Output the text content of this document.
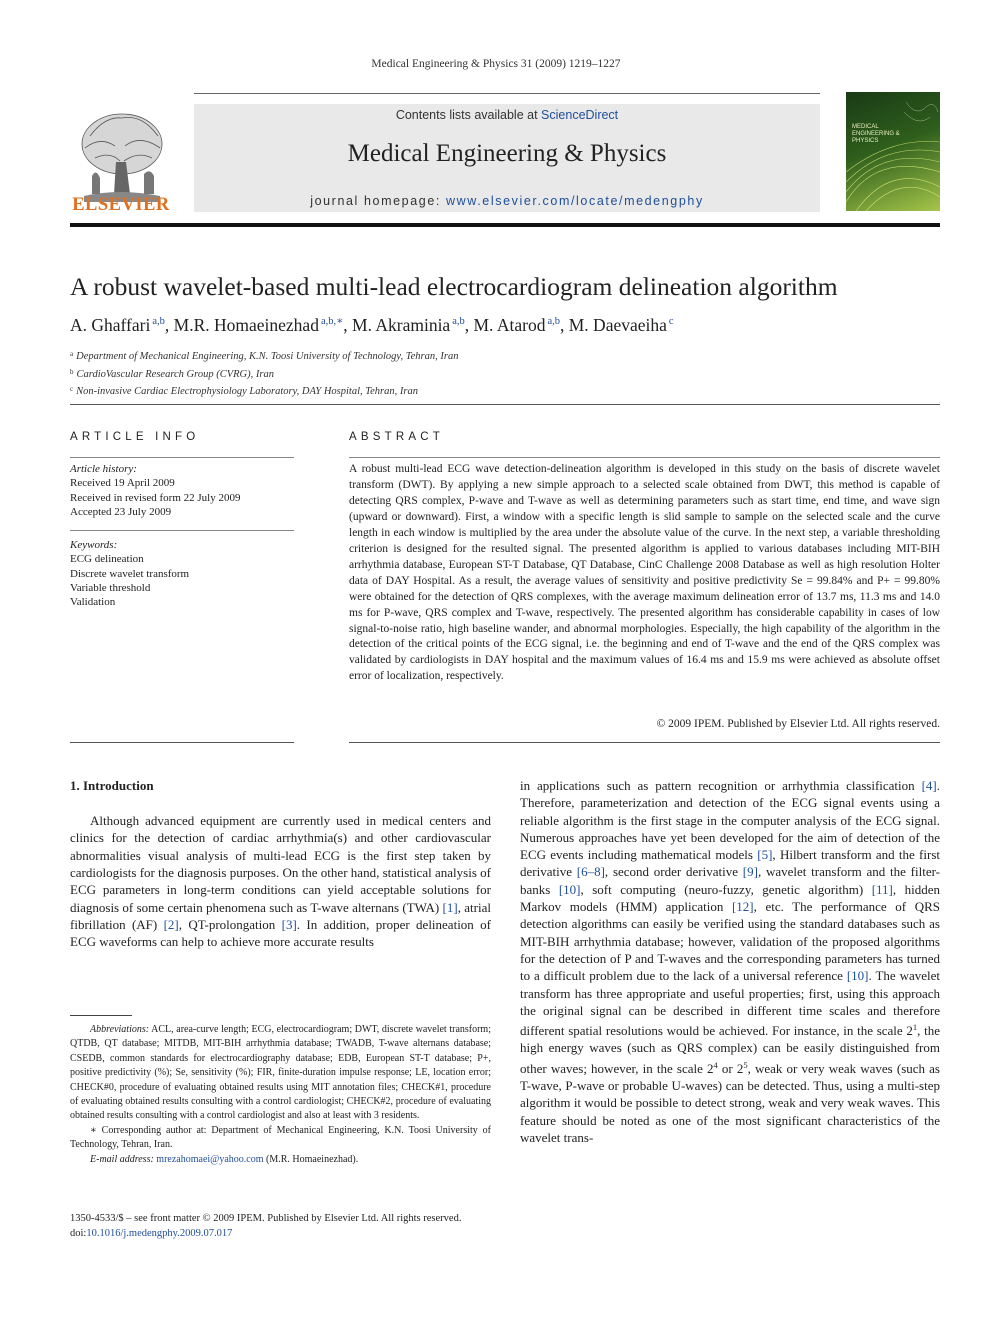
Medical Engineering & Physics 31 (2009) 1219–1227
ELSEVIER
Contents lists available at ScienceDirect
Medical Engineering & Physics
journal homepage: www.elsevier.com/locate/medengphy
MEDICAL ENGINEERING & PHYSICS
A robust wavelet-based multi-lead electrocardiogram delineation algorithm
A. Ghaffari $^{a,b}$, M.R. Homaeinezhad $^{a,b,∗}$, M. Akraminia $^{a,b}$, M. Atarod $^{a,b}$, M. Daevaeiha $^c$
$^a$ Department of Mechanical Engineering, K.N. Toosi University of Technology, Tehran, Iran
$^b$ CardioVascular Research Group (CVRG), Iran
$^c$ Non-invasive Cardiac Electrophysiology Laboratory, DAY Hospital, Tehran, Iran
ARTICLE INFO
Article history:
Received 19 April 2009
Received in revised form 22 July 2009
Accepted 23 July 2009
Keywords:
ECG delineation
Discrete wavelet transform
Variable threshold
Validation
ABSTRACT
A robust multi-lead ECG wave detection-delineation algorithm is developed in this study on the basis of discrete wavelet transform (DWT). By applying a new simple approach to a selected scale obtained from DWT, this method is capable of detecting QRS complex, P-wave and T-wave as well as determining parameters such as start time, end time, and wave sign (upward or downward). First, a window with a specific length is slid sample to sample on the selected scale and the curve length in each window is multiplied by the area under the absolute value of the curve. In the next step, a variable thresholding criterion is designed for the resulted signal. The presented algorithm is applied to various databases including MIT-BIH arrhythmia database, European ST-T Database, QT Database, CinC Challenge 2008 Database as well as high resolution Holter data of DAY Hospital. As a result, the average values of sensitivity and positive predictivity Se = 99.84% and P+ = 99.80% were obtained for the detection of QRS complexes, with the average maximum delineation error of 13.7 ms, 11.3 ms and 14.0 ms for P-wave, QRS complex and T-wave, respectively. The presented algorithm has considerable capability in cases of low signal-to-noise ratio, high baseline wander, and abnormal morphologies. Especially, the high capability of the algorithm in the detection of the critical points of the ECG signal, i.e. the beginning and end of T-wave and the end of the QRS complex was validated by cardiologists in DAY hospital and the maximum values of 16.4 ms and 15.9 ms were achieved as absolute offset error of localization, respectively.
© 2009 IPEM. Published by Elsevier Ltd. All rights reserved.
1. Introduction
Although advanced equipment are currently used in medical centers and clinics for the detection of cardiac arrhythmia(s) and other cardiovascular abnormalities visual analysis of multi-lead ECG is the first step taken by cardiologists for the diagnosis purposes. On the other hand, statistical analysis of ECG parameters in long-term conditions can yield acceptable solutions for diagnosis of some certain phenomena such as T-wave alternans (TWA) [1], atrial fibrillation (AF) [2], QT-prolongation [3]. In addition, proper delineation of ECG waveforms can help to achieve more accurate results
in applications such as pattern recognition or arrhythmia classification [4]. Therefore, parameterization and detection of the ECG signal events using a reliable algorithm is the first stage in the computer analysis of the ECG signal. Numerous approaches have yet been developed for the aim of detection of the ECG events including mathematical models [5], Hilbert transform and the first derivative [6–8], second order derivative [9], wavelet transform and the filter-banks [10], soft computing (neuro-fuzzy, genetic algorithm) [11], hidden Markov models (HMM) application [12], etc. The performance of QRS detection algorithms can easily be verified using the standard databases such as MIT-BIH arrhythmia database; however, validation of the proposed algorithms for the detection of P and T-waves and the corresponding parameters has turned to a difficult problem due to the lack of a universal reference [10]. The wavelet transform has three appropriate and useful properties; first, using this approach the original signal can be described in different time scales and therefore different spatial resolutions would be achieved. For instance, in the scale $2^1$, the high energy waves (such as QRS complex) can be easily distinguished from other waves; however, in the scale $2^4$ or $2^5$, weak or very weak waves (such as T-wave, P-wave or probable U-waves) can be detected. Thus, using a multi-step algorithm it would be possible to detect strong, weak and very weak waves. This feature should be noted as one of the most significant characteristics of the wavelet trans-

Abbreviations: ACL, area-curve length; ECG, electrocardiogram; DWT, discrete wavelet transform; QTDB, QT database; MITDB, MIT-BIH arrhythmia database; TWADB, T-wave alternans database; CSEDB, common standards for electrocardiography database; EDB, European ST-T database; P+, positive predictivity (%); Se, sensitivity (%); FIR, finite-duration impulse response; LE, location error; CHECK#0, procedure of evaluating obtained results using MIT annotation files; CHECK#1, procedure of evaluating obtained results consulting with a control cardiologist; CHECK#2, procedure of evaluating obtained results consulting with a control cardiologist and also at least with 3 residents.

∗ Corresponding author at: Department of Mechanical Engineering, K.N. Toosi University of Technology, Tehran, Iran.

E-mail address: mrezahomaei@yahoo.com (M.R. Homaeinezhad).

1350-4533/$ – see front matter © 2009 IPEM. Published by Elsevier Ltd. All rights reserved.
doi:10.1016/j.medengphy.2009.07.017
